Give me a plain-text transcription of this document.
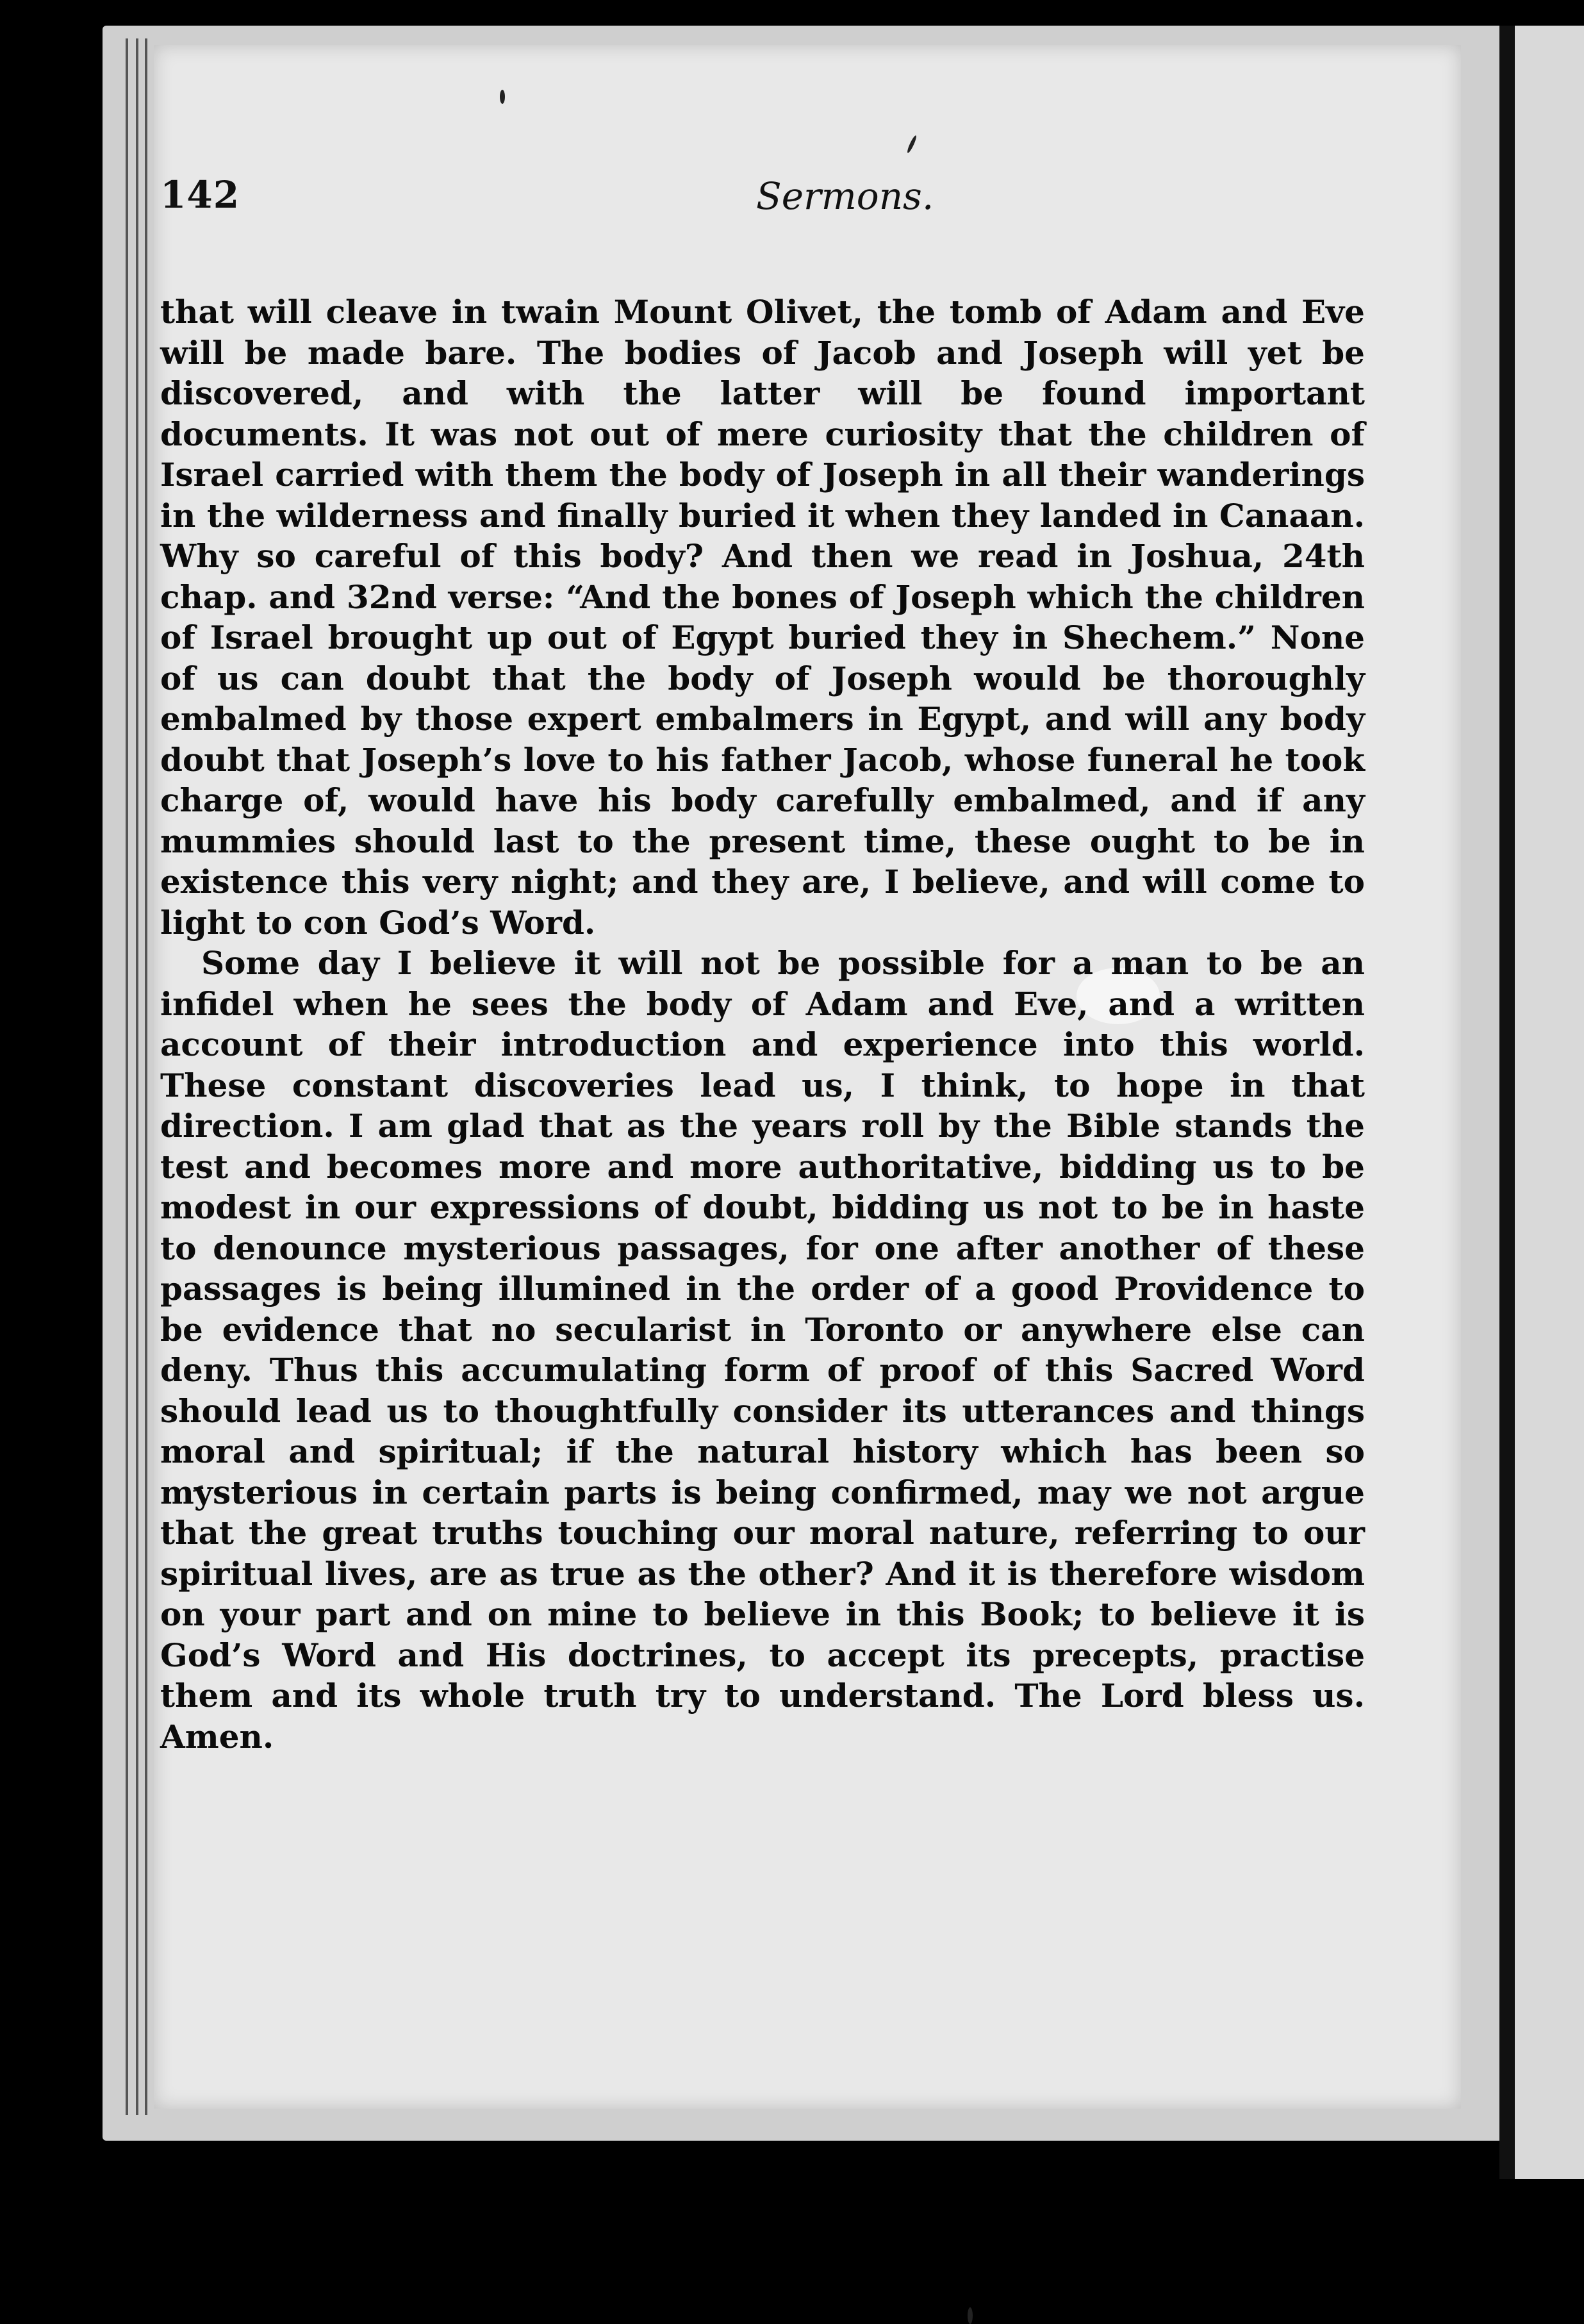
142	Sermons.

that will cleave in twain Mount Olivet, the tomb of Adam and Eve will be made bare. The bodies of Jacob and Joseph will yet be discovered, and with the latter will be found important documents. It was not out of mere curiosity that the children of Israel carried with them the body of Joseph in all their wanderings in the wilderness and finally buried it when they landed in Canaan. Why so careful of this body? And then we read in Joshua, 24th chap. and 32nd verse: “And the bones of Joseph which the children of Israel brought up out of Egypt buried they in Shechem.” None of us can doubt that the body of Joseph would be thoroughly embalmed by those expert embalmers in Egypt, and will any body doubt that Joseph’s love to his father Jacob, whose funeral he took charge of, would have his body carefully embalmed, and if any mummies should last to the present time, these ought to be in existence this very night; and they are, I believe, and will come to light to con God’s Word.

Some day I believe it will not be possible for a man to be an infidel when he sees the body of Adam and Eve, and a written account of their introduction and experience into this world. These constant discoveries lead us, I think, to hope in that direction. I am glad that as the years roll by the Bible stands the test and becomes more and more authoritative, bidding us to be modest in our expressions of doubt, bidding us not to be in haste to denounce mysterious passages, for one after another of these passages is being illumined in the order of a good Providence to be evidence that no secularist in Toronto or anywhere else can deny. Thus this accumulating form of proof of this Sacred Word should lead us to thoughtfully consider its utterances and things moral and spiritual; if the natural history which has been so mysterious in certain parts is being confirmed, may we not argue that the great truths touching our moral nature, referring to our spiritual lives, are as true as the other? And it is therefore wisdom on your part and on mine to believe in this Book; to believe it is God’s Word and His doctrines, to accept its precepts, practise them and its whole truth try to understand. The Lord bless us. Amen.
